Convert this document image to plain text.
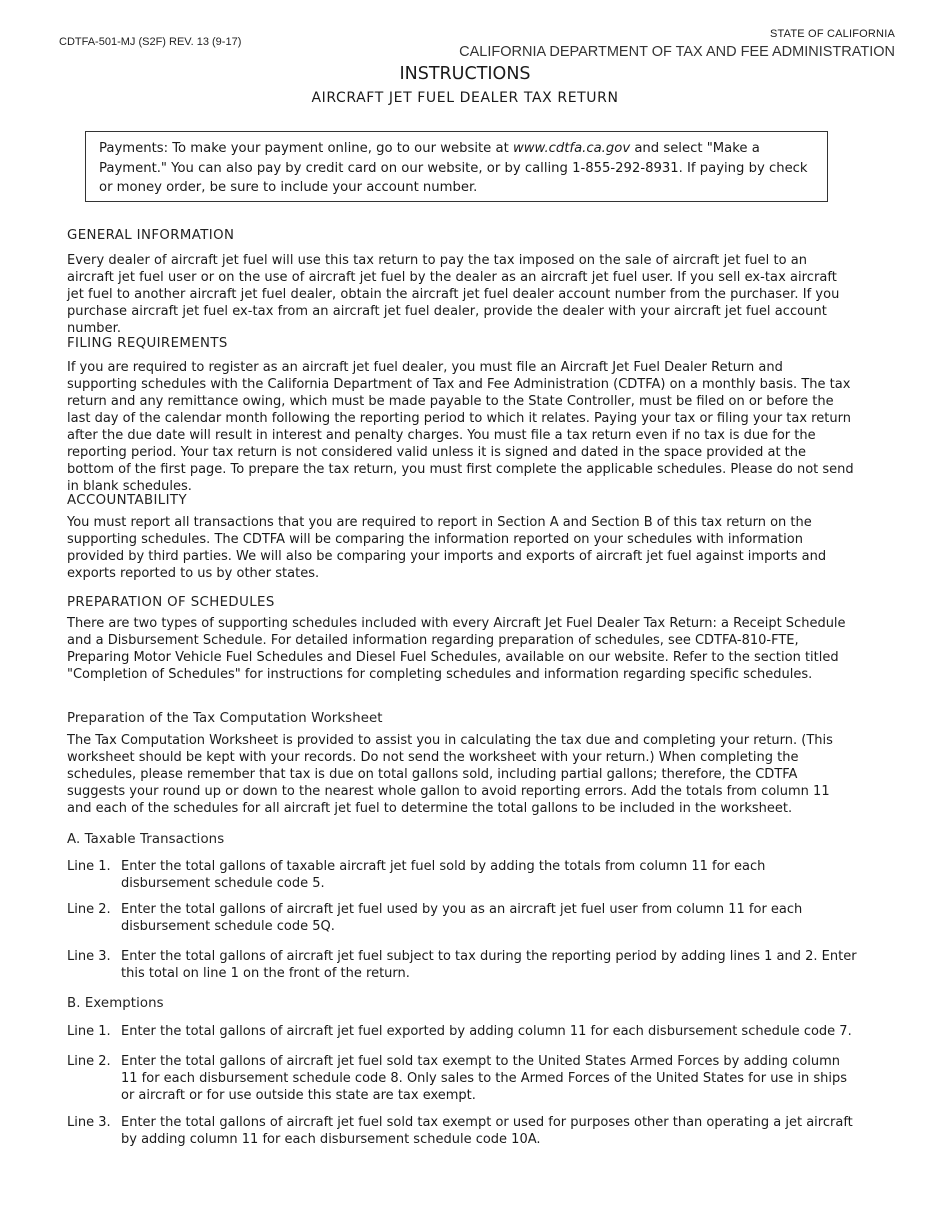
CDTFA-501-MJ (S2F) REV. 13 (9-17)
STATE OF CALIFORNIA
CALIFORNIA DEPARTMENT OF TAX AND FEE ADMINISTRATION
INSTRUCTIONS
AIRCRAFT JET FUEL DEALER TAX RETURN
Payments: To make your payment online, go to our website at www.cdtfa.ca.gov and select "Make a Payment." You can also pay by credit card on our website, or by calling 1-855-292-8931. If paying by check or money order, be sure to include your account number.
GENERAL INFORMATION
Every dealer of aircraft jet fuel will use this tax return to pay the tax imposed on the sale of aircraft jet fuel to an aircraft jet fuel user or on the use of aircraft jet fuel by the dealer as an aircraft jet fuel user. If you sell ex-tax aircraft jet fuel to another aircraft jet fuel dealer, obtain the aircraft jet fuel dealer account number from the purchaser. If you purchase aircraft jet fuel ex-tax from an aircraft jet fuel dealer, provide the dealer with your aircraft jet fuel account number.
FILING REQUIREMENTS
If you are required to register as an aircraft jet fuel dealer, you must file an Aircraft Jet Fuel Dealer Return and supporting schedules with the California Department of Tax and Fee Administration (CDTFA) on a monthly basis. The tax return and any remittance owing, which must be made payable to the State Controller, must be filed on or before the last day of the calendar month following the reporting period to which it relates. Paying your tax or filing your tax return after the due date will result in interest and penalty charges. You must file a tax return even if no tax is due for the reporting period. Your tax return is not considered valid unless it is signed and dated in the space provided at the bottom of the first page. To prepare the tax return, you must first complete the applicable schedules. Please do not send in blank schedules.
ACCOUNTABILITY
You must report all transactions that you are required to report in Section A and Section B of this tax return on the supporting schedules. The CDTFA will be comparing the information reported on your schedules with information provided by third parties. We will also be comparing your imports and exports of aircraft jet fuel against imports and exports reported to us by other states.
PREPARATION OF SCHEDULES
There are two types of supporting schedules included with every Aircraft Jet Fuel Dealer Tax Return: a Receipt Schedule and a Disbursement Schedule. For detailed information regarding preparation of schedules, see CDTFA-810-FTE, Preparing Motor Vehicle Fuel Schedules and Diesel Fuel Schedules, available on our website. Refer to the section titled "Completion of Schedules" for instructions for completing schedules and information regarding specific schedules.
Preparation of the Tax Computation Worksheet
The Tax Computation Worksheet is provided to assist you in calculating the tax due and completing your return. (This worksheet should be kept with your records. Do not send the worksheet with your return.) When completing the schedules, please remember that tax is due on total gallons sold, including partial gallons; therefore, the CDTFA suggests your round up or down to the nearest whole gallon to avoid reporting errors. Add the totals from column 11 and each of the schedules for all aircraft jet fuel to determine the total gallons to be included in the worksheet.
A. Taxable Transactions
Line 1. Enter the total gallons of taxable aircraft jet fuel sold by adding the totals from column 11 for each disbursement schedule code 5.
Line 2. Enter the total gallons of aircraft jet fuel used by you as an aircraft jet fuel user from column 11 for each disbursement schedule code 5Q.
Line 3. Enter the total gallons of aircraft jet fuel subject to tax during the reporting period by adding lines 1 and 2. Enter this total on line 1 on the front of the return.
B. Exemptions
Line 1. Enter the total gallons of aircraft jet fuel exported by adding column 11 for each disbursement schedule code 7.
Line 2. Enter the total gallons of aircraft jet fuel sold tax exempt to the United States Armed Forces by adding column 11 for each disbursement schedule code 8. Only sales to the Armed Forces of the United States for use in ships or aircraft or for use outside this state are tax exempt.
Line 3. Enter the total gallons of aircraft jet fuel sold tax exempt or used for purposes other than operating a jet aircraft by adding column 11 for each disbursement schedule code 10A.
